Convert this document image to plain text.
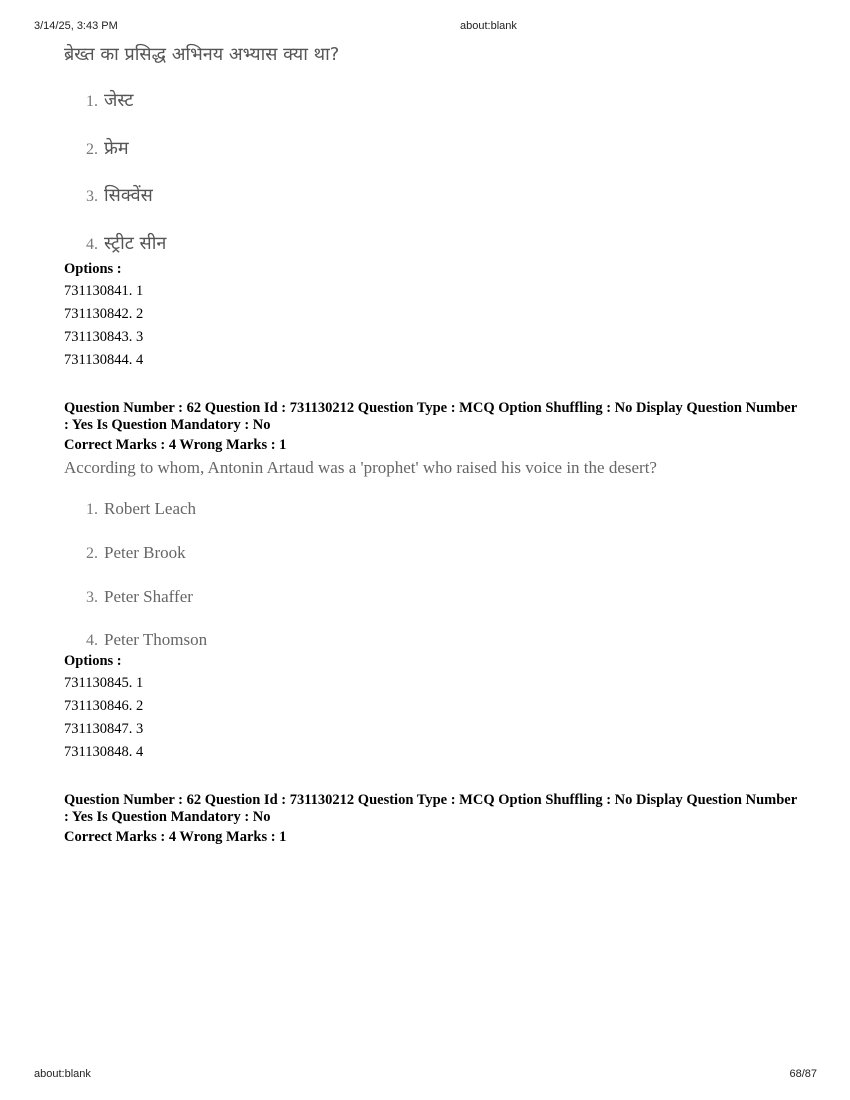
3/14/25, 3:43 PM	about:blank
ब्रेख्त का प्रसिद्ध अभिनय अभ्यास क्या था?
1. जेस्ट
2. फ्रेम
3. सिक्वेंस
4. स्ट्रीट सीन
Options :
731130841. 1
731130842. 2
731130843. 3
731130844. 4
Question Number : 62 Question Id : 731130212 Question Type : MCQ Option Shuffling : No Display Question Number : Yes Is Question Mandatory : No
Correct Marks : 4 Wrong Marks : 1
According to whom, Antonin Artaud was a 'prophet' who raised his voice in the desert?
1. Robert Leach
2. Peter Brook
3. Peter Shaffer
4. Peter Thomson
Options :
731130845. 1
731130846. 2
731130847. 3
731130848. 4
Question Number : 62 Question Id : 731130212 Question Type : MCQ Option Shuffling : No Display Question Number : Yes Is Question Mandatory : No
Correct Marks : 4 Wrong Marks : 1
about:blank	68/87
